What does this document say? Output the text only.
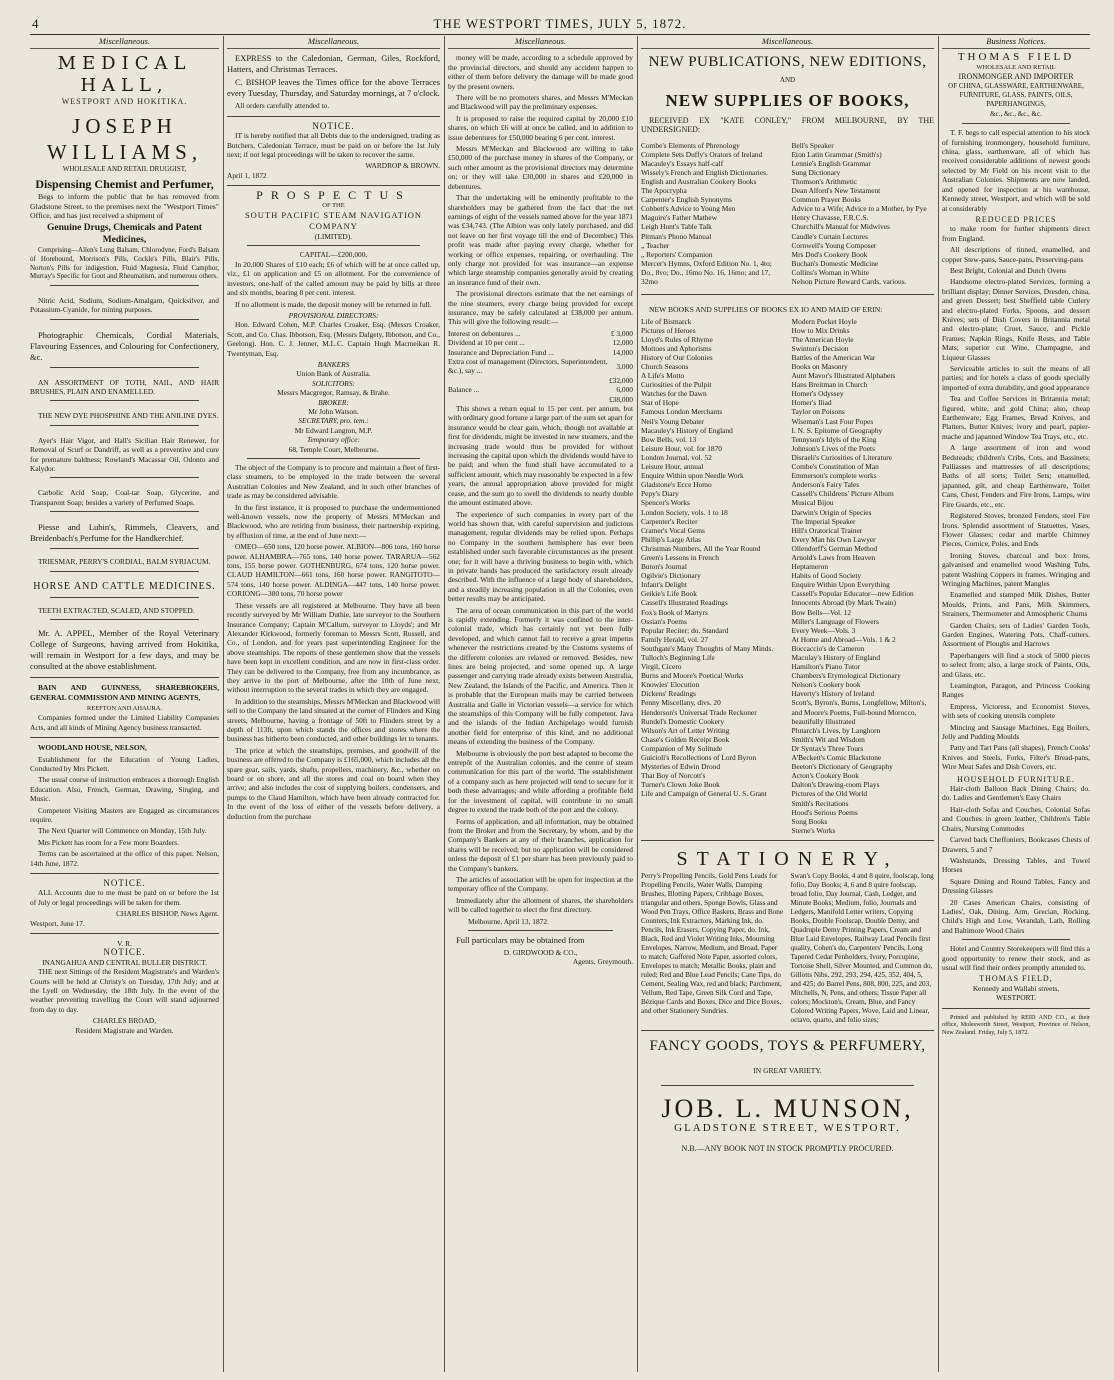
4	THE WESTPORT TIMES, JULY 5, 1872.
Miscellaneous.
MEDICAL HALL,
WESTPORT AND HOKITIKA.
JOSEPH WILLIAMS,
WHOLESALE AND RETAIL DRUGGIST,
Dispensing Chemist and Perfumer,

Begs to inform the public that he has removed from Gladstone Street, to the premises next the "Westport Times" Office, and has just received a shipment of

Genuine Drugs, Chemicals and Patent Medicines,

Comprising—Allen's Lung Balsam, Chlorodyne, Ford's Balsam of Horehound, Morrison's Pills, Cockle's Pills, Blair's Pills, Norton's Pills for indigestion, Fluid Magnesia, Fluid Camphor, Murray's Specific for Gout and Rheumatism, and numerous others.

Nitric Acid, Sodium, Sodium-Amalgam, Quicksilver, and Potassium-Cyanide, for mining purposes.

Photographic Chemicals, Cordial Materials, Flavouring Essences, and Colouring for Confectionery, &c.

AN ASSORTMENT OF TOTH, NAIL, AND HAIR BRUSHES, PLAIN AND ENAMELLED.

THE NEW DYE PHOSPHINE AND THE ANILINE DYES.

Ayer's Hair Vigor, and Hall's Sicilian Hair Renewer, for Removal of Scurf or Dandriff, as well as a preventive and cure for premature baldness; Rowland's Macassar Oil, Odonto and Kalydor.

Carbolic Acid Soap, Coal-tar Soap, Glycerine, and Transparent Soap; besides a variety of Perfumed Soaps.

Piesse and Lubin's, Rimmels, Cleavers, and Breidenbach's Perfume for the Handkerchief.

TRIESMAR, PERRY'S CORDIAL, BALM SYRIACUM.

HORSE AND CATTLE MEDICINES.

TEETH EXTRACTED, SCALED, AND STOPPED.

Mr. A. APPEL, Member of the Royal Veterinary College of Surgeons, having arrived from Hokitika, will remain in Westport for a few days, and may be consulted at the above establishment.

BAIN AND GUINNESS, SHAREBROKERS, GENERAL COMMISSION AND MINING AGENTS,

REEFTON AND AHAURA.

Companies formed under the Limited Liability Companies Acts, and all kinds of Mining Agency business transacted.

WOODLAND HOUSE, NELSON,

Establishment for the Education of Young Ladies, Conducted by Mrs Pickett.

The usual course of instruction embraces a thorough English Education. Also, French, German, Drawing, Singing, and Music.

Competent Visiting Masters are Engaged as circumstances require.

The Next Quarter will Commence on Monday, 15th July.

Mrs Pickett has room for a Few more Boarders.

Terms can be ascertained at the office of this paper. Nelson, 14th June, 1872.

NOTICE.

ALL Accounts due to me must be paid on or before the 1st of July or legal proceedings will be taken for them.

CHARLES BISHOP, News Agent.
Westport, June 17.
V. R.
NOTICE.
INANGAHUA AND CENTRAL BULLER DISTRICT.

THE next Sittings of the Resident Magistrate's and Warden's Courts will be held at Christy's on Tuesday, 17th July; and at the Lyell on Wednesday, the 18th July. In the event of the weather preventing travelling the Court will stand adjourned from day to day.

CHARLES BROAD,
Resident Magistrate and Warden.
Miscellaneous.

EXPRESS to the Caledonian, German, Giles, Rockford, Hatters, and Christmas Terraces.

C. BISHOP leaves the Times office for the above Terraces every Tuesday, Thursday, and Saturday mornings, at 7 o'clock.

All orders carefully attended to.

NOTICE.

IT is hereby notified that all Debts due to the undersigned, trading as Butchers, Caledonian Terrace, must be paid on or before the 1st July next; if not legal proceedings will be taken to recover the same.

WARDROP & BROWN.
April 1, 1872
PROSPECTUS
OF THE
SOUTH PACIFIC STEAM NAVIGATION COMPANY
(LIMITED).
CAPITAL—£200,000,

In 20,000 Shares of £10 each; £6 of which will be at once called up, viz., £1 on application and £5 on allotment. For the convenience of investors, one-half of the called amount may be paid by bills at three and six months, bearing 8 per cent. interest.

If no allotment is made, the deposit money will be returned in full.

PROVISIONAL DIRECTORS:

Hon. Edward Cohen, M.P. Charles Croaker, Esq. (Messrs Croaker, Scott, and Co. Chas. Ibbotson, Esq. (Messrs Dalgety, Ibbotson, and Co., Geelong). Hon. C. J. Jenner, M.L.C. Captain Hugh Macmeikan R. Twentyman, Esq.

BANKERS
Union Bank of Australia.
SOLICITORS:
Messrs Macgregor, Ramsay, & Brahe.
BROKER:
Mr John Watson.
SECRETARY, pro. tem.:
Mr Edward Langton, M.P.
Temporary office:
68, Temple Court, Melbourne.

The object of the Company is to procure and maintain a fleet of first-class steamers, to be employed in the trade between the several Australian Colonies and New Zealand, and in such other branches of trade as may be considered advisable.

In the first instance, it is proposed to purchase the undermentioned well-known vessels, now the property of Messrs M'Meckan and Blackwood, who are retiring from business, their partnership expiring, by effluxion of time, at the end of June next:—

OMEO—650 tons, 120 horse power. ALBION—806 tons, 160 horse power. ALHAMBRA—765 tons, 140 horse power. TARARUA—562 tons, 155 horse power. GOTHENBURG, 674 tons, 120 horse power. CLAUD HAMILTON—661 tons, 160 horse power. RANGITOTO—574 tons, 140 horse power. ALDINGA—447 tons, 140 horse power. CORIONG—380 tons, 70 horse power

These vessels are all registered at Melbourne. They have all been recently surveyed by Mr William Duthie, late surveyor to the Southern Insurance Company; Captain M'Callum, surveyor to Lloyds'; and Mr Alexander Kirkwood, formerly foreman to Messrs Scott, Russell, and Co., of London, and for years past superintending Engineer for the above steamships. The reports of these gentlemen show that the vessels have been kept in excellent condition, and are now in first-class order. They can be delivered to the Company, free from any incumbrance, as they arrive in the port of Melbourne, after the 10th of June next, without interruption to the several trades in which they are engaged.

In addition to the steamships, Messrs M'Meckan and Blackwood will sell to the Company the land situated at the corner of Flinders and King streets, Melbourne, having a frontage of 50ft to Flinders street by a depth of 113ft, upon which stands the offices and stores where the business has hitherto been conducted, and other buildings let to tenants.

The price at which the steamships, premises, and goodwill of the business are offered to the Company is £165,000, which includes all the spare gear, sails, yards, shafts, propellers, machinery, &c., whether on board or on shore, and all the stores and coal on board when they arrive; and also includes the cost of supplying boilers, condensers, and pumps to the Claud Hamilton, which have been already contracted for. In the event of the loss of either of the vessels before delivery, a deduction from the purchase

Miscellaneous.

money will be made, according to a schedule approved by the provincial directors, and should any accident happen to either of them before delivery the damage will be made good by the present owners.

There will be no promoters shares, and Messrs M'Meckan and Blackwood will pay the preliminary expenses.

It is proposed to raise the required capital by 20,000 £10 shares, on which £6 will at once be called, and in addition to issue debentures for £50,000 bearing 6 per cent. interest.

Messrs M'Meckan and Blackwood are willing to take £50,000 of the purchase money in shares of the Company, or such other amount as the provisional directors may determine on; or they will take £30,000 in shares and £20,000 in debentures.

That the undertaking will be eminently profitable to the shareholders may be gathered from the fact that the net earnings of eight of the vessels named above for the year 1871 was £34,743. (The Albion was only lately purchased, and did not leave on her first voyage till the end of December.) This profit was made after paying every charge, whether for working or office expenses, repairing, or overhauling. The only charge not provided for was insurance—an expense which large steamship companies generally avoid by creating an insurance fund of their own.

The provisional directors estimate that the net earnings of the nine steamers, every charge being provided for except insurance, may be safely calculated at £38,000 per annum. This will give the following result:—

Interest on debentures ...	£ 3,000
Dividend at 10 per cent ...	12,000
Insurance and Depreciation Fund ...	14,000
Extra cost of management (Directors, Superintendent, &c.), say ...	3,000
	£32,000
Balance ...	6,000
	£38,000

This shows a return equal to 15 per cent. per annum, but with ordinary good fortune a large part of the sum set apart for insurance would be clear gain, which, though not available at first for dividends, might be invested in new steamers, and the increasing trade would thus be provided for without increasing the capital upon which the dividends would have to be paid; and when the fund shall have accumulated to a sufficient amount, which may reasonably be expected in a few years, the annual appropriation above provided for might cease, and the sum go to swell the dividends to nearly double the amount estimated above.

The experience of such companies in every part of the world has shown that, with careful supervision and judicious management, regular dividends may be relied upon. Perhaps no Company in the southern hemisphere has ever been established under such favorable circumstances as the present one; for it will have a thriving business to begin with, which in private hands has produced the satisfactory result already described. With the influence of a large body of shareholders, and a steadily increasing population in all the Colonies, even better results may be anticipated.

The area of ocean communication in this part of the world is rapidly extending. Formerly it was confined to the inter-colonial trade, which has certainly not yet been fully developed, and which cannot fail to receive a great impetus whenever the restrictions created by the Customs systems of the different colonies are relaxed or removed. Besides, new lines are being projected, and some opened up. A large passenger and carrying trade already exists between Australia, New Zealand, the Islands of the Pacific, and America. Then it is probable that the European mails may be carried between Australia and Galle in Victorian vessels—a service for which the steamships of this Company will be fully competent. Java and the islands of the Indian Archipelago would furnish another field for enterprise of this kind, and no additional means of extending the business of the Company.

Melbourne is obviously the port best adapted to become the entrepôt of the Australian colonies, and the centre of steam communication for this part of the world. The establishment of a company such as here projected will tend to secure for it both these advantages; and while affording a profitable field for the investment of capital, will contribute in no small degree to extend the trade both of the port and the colony.

Forms of application, and all information, may be obtained from the Broker and from the Secretary, by whom, and by the Company's Bankers at any of their branches, application for shares will be received; but no application will be considered unless the deposit of £1 per share has been previously paid to the Company's bankers.

The articles of association will be open for inspection at the temporary office of the Company.

Immediately after the allotment of shares, the shareholders will be called together to elect the first directory.

Melbourne, April 13, 1872.

Full particulars may be obtained from

D. GIRDWOOD & CO.,
Agents, Greymouth.
Miscellaneous.
NEW PUBLICATIONS, NEW EDITIONS,
AND
NEW SUPPLIES OF BOOKS,

RECEIVED EX "KATE CONLEY," FROM MELBOURNE, BY THE UNDERSIGNED:

Combe's Elements of Phrenology
Complete Sets Duffy's Orators of Ireland
Macauley's Essays half-calf
Wissely's French and English Dictionaries.
English and Australian Cookery Books
The Apocrypha
Carpenter's English Synonyms
Cobbett's Advice to Young Men
Maguire's Father Mathew
Leigh Hunt's Table Talk
Pitman's Phono Manual
„ Teacher
„ Reporters' Companion
Mercer's Hymns, Oxford Edition No. 1, 4to; Do., 8vo; Do., 16mo No. 16, 16mo; and 17, 32mo
Bell's Speaker
Eton Latin Grammar (Smith's)
Lennie's English Grammar
Sung Dictionary
Thomson's Arithmetic
Dean Alford's New Testament
Common Prayer Books
Advice to a Wife; Advice to a Mother, by Pye Henry Chavasse, F.R.C.S.
Churchill's Manual for Midwives
Caudle's Curtain Lectures
Cornwell's Young Composer
Mrs Dod's Cookery Book
Buchan's Domestic Medicine
Collins's Woman in White
Nelson Picture Reward Cards, various.

NEW BOOKS AND SUPPLIES OF BOOKS EX IO AND MAID OF ERIN:

Life of Bismarck
Pictures of Heroes
Lloyd's Rules of Rhyme
Mottoes and Aphorisms
History of Our Colonies
Church Seasons
A Life's Motto
Curiosities of the Pulpit
Watches for the Dawn
Star of Hope
Famous London Merchants
Neil's Young Debater
Macauley's History of England
Bow Bells, vol. 13
Leisure Hour, vol. for 1870
London Journal, vol. 52
Leisure Hour, annual
Enquire Within upon Needle Work
Gladstone's Ecce Homo
Pepy's Diary
Spencer's Works
London Society, vols. 1 to 18
Carpenter's Reciter
Cramer's Vocal Gems
Phillip's Large Atlas
Christmas Numbers, All the Year Round
Green's Lessons in French
Buton's Journal
Ogilvie's Dictionary
Infant's Delight
Geikie's Life Book
Cassell's Illustrated Readings
Fox's Book of Martyrs
Ossian's Poems
Popular Reciter; do. Standard
Family Herald, vol. 27
Southgate's Many Thoughts of Many Minds.
Tulloch's Beginning Life
Virgil, Cicero
Burns and Moore's Poetical Works
Knowles' Elocution
Dickens' Readings
Penny Miscellany, divs. 20
Henderson's Universal Trade Reckoner
Rundel's Domestic Cookery
Wilson's Art of Letter Writing
Chase's Golden Receipt Book
Companion of My Solitude
Guicioli's Recollections of Lord Byron
Mysteries of Edwin Drood
That Boy of Norcott's
Turner's Clown Joke Book
Life and Campaign of General U. S. Grant
Modern Pocket Hoyle
How to Mix Drinks
The American Hoyle
Swinton's Decision
Battles of the American War
Books on Masonry
Aunt Mavor's Illustrated Alphabets
Hans Breitman in Church
Homer's Odyssey
Homer's Iliad
Taylor on Poisons
Wiseman's Last Four Popes
I. N. S. Epitome of Geography
Tennyson's Idyls of the King
Johnson's Lives of the Poets
Disraeli's Curiosities of Literature
Combe's Constitution of Man
Emmerson's complete works
Anderson's Fairy Tales
Cassell's Childrens' Picture Album
Musical Bijou
Darwin's Origin of Species
The Imperial Speaker
Hill's Oratorical Trainer
Every Man his Own Lawyer
Ollendorff's German Method
Arnold's Laws from Heaven
Heptameron
Habits of Good Society
Enquire Within Upon Everything
Cassell's Popular Educator—new Edition
Innocents Abroad (by Mark Twain)
Bow Bells—Vol. 12
Miller's Language of Flowers
Every Week—Vols. 3
At Home and Abroad—Vols. 1 & 2
Boccaccio's de Cameron
Maculay's History of England
Hamilton's Piano Tutor
Chambers's Etymological Dictionary
Nelson's Cookery book
Haverty's History of Ireland
Scott's, Byron's, Burns, Longfellow, Milton's, and Moore's Poems, Full-bound Morocco, beautifully Illustrated
Plutarch's Lives, by Langhorn
Smith's Wit and Wisdom
Dr Syntax's Three Tours
A'Beckett's Comic Blackstone
Beeton's Dictionary of Geography
Acton's Cookery Book
Dalton's Drawing-room Plays
Pictures of the Old World
Smith's Recitations
Hood's Serious Poems
Song Books
Sterne's Works
STATIONERY,
Perry's Propelling Pencils, Gold Pens Leads for Propelling Pencils, Water Walls, Damping Brushes, Blotting Papers, Cribbage Boxes, triangular and others, Sponge Bowls, Glass and Wood Pen Trays, Office Baskets, Brass and Bone Counters, Ink Extractors, Marking Ink, do. Pencils, Ink Erasers, Copying Paper, do. Ink, Black, Red and Violet Writing Inks, Mourning Envelopes, Narrow, Medium, and Broad, Paper to match; Gaffered Note Paper, assorted colors, Envelopes to match; Metallic Books, plain and ruled; Red and Blue Lead Pencils; Cane Tips, do Cement, Sealing Wax, red and black; Parchment, Vellum, Red Tape, Green Silk Cord and Tape, Bézique Cards and Boxes, Dice and Dice Boxes, and other Stationery Sundries.
Swan's Copy Books, 4 and 8 quire, foolscap, long folio, Day Books; 4, 6 and 8 quire foolscap, broad folio, Day Journal, Cash, Ledger, and Minute Books; Medium, folio, Journals and Ledgers, Manifold Letter writers, Copying Books, Double Foolscap, Double Demy, and Quadruple Demy Printing Papers, Cream and Blue Laid Envelopes, Railway Lead Pencils first quality, Cohen's do, Carpenters' Pencils, Long Tapered Cedar Penholders, Ivory, Porcupine, Tortoise Shell, Silver Mounted, and Common do, Gillotts Nibs, 292, 293, 294, 425, 352, 404, 5, and 425; do Barrel Pens, 808, 800, 225, and 203, Mitchells, N. Pens, and others; Tissue Paper all colors; Mockton's, Cream, Blue, and Fancy Colored Writing Papers, Wove, Laid and Linear, octavo, quarto, and folio sizes;
FANCY GOODS, TOYS & PERFUMERY,
IN GREAT VARIETY.
JOB. L. MUNSON,
GLADSTONE STREET, WESTPORT.
N.B.—ANY BOOK NOT IN STOCK PROMPTLY PROCURED.
Business Notices.
THOMAS FIELD
WHOLESALE AND RETAIL
IRONMONGER AND IMPORTER
OF CHINA, GLASSWARE, EARTHENWARE,
FURNITURE, GLASS, PAINTS, OILS, PAPERHANGINGS,
&c., &c., &c., &c.

T. F. begs to call especial attention to his stock of furnishing ironmongery, household furniture, china, glass, earthenware, all of which has received considerable additions of newest goods selected by Mr Field on his recent visit to the Australian Colonies. Shipments are now landed, and opened for inspection at his warehouse, Kennedy street, Westport, and which will be sold at considerably

REDUCED PRICES

to make room for further shipments direct from England.

All descriptions of tinned, enamelled, and copper Stew-pans, Sauce-pans, Preserving-pans

Best Bright, Colonial and Dutch Ovens

Handsome electro-plated Services, forming a brilliant display; Dinner Services, Dresden, china, and green Dessert; best Sheffield table Cutlery and electro-plated Forks, Spoons, and dessert Knives; sets of Dish Covers in Britannia metal and electro-plate; Cruet, Sauce, and Pickle Frames; Napkin Rings, Knife Rests, and Table Mats; superior cut Wine, Champagne, and Liqueur Glasses

Serviceable articles to suit the means of all parties; and for hotels a class of goods specially imported of extra durability, and good appearance

Tea and Coffee Services in Britannia metal; figured, white, and gold China; also, cheap Earthenware; Egg Frames, Bread Knives, and Platters, Butter Knives; ivory and pearl, papier-mache and japanned Window Tea Trays, etc., etc.

A large assortment of iron and wood Bedsteads; children's Cribs, Cots, and Bassinets; Palliasses and mattresses of all descriptions; Baths of all sorts; Toilet Sets; enamelled, japanned, gilt, and cheap Earthenware, Toilet Cans, Chest, Fenders and Fire Irons, Lamps, wire Fire Guards, etc., etc.

Registered Stoves, bronzed Fenders, steel Fire Irons. Splendid assortment of Statuettes, Vases, Flower Glasses; cedar and marble Chimney Pieces, Cornice, Poles, and Ends

Ironing Stoves, charcoal and box Irons, galvanised and enamelled wood Washing Tubs, patent Washing Coppers in frames. Wringing and Wringing Machines, patent Mangles

Enamelled and stamped Milk Dishes, Butter Moulds, Prints, and Pans, Milk Skimmers, Strainers, Thermometer and Atmospheric Churns

Garden Chairs, sets of Ladies' Garden Tools, Garden Engines, Watering Pots, Chaff-cutters. Assortment of Ploughs and Harrows

Paperhangers will find a stock of 5000 pieces to select from; also, a large stock of Paints, Oils, and Glass, etc.

Leamington, Paragon, and Princess Cooking Ranges

Empress, Victoress, and Economist Stoves, with sets of cooking utensils complete

Mincing and Sausage Machines, Egg Boilers, Jelly and Pudding Moulds

Patty and Tart Pans (all shapes), French Cooks' Knives and Steels, Forks, Filter's Bread-pans, Wire Meat Safes and Dish Covers, etc.

HOUSEHOLD FURNITURE.

Hair-cloth Balloon Back Dining Chairs; do. do. Ladies and Gentlemen's Easy Chairs

Hair-cloth Sofas and Couches, Colonial Sofas and Couches in green leather, Children's Table Chairs, Nursing Commodes

Carved back Cheffoniers, Bookcases Chests of Drawers, 5 and 7

Washstands, Dressing Tables, and Towel Horses

Square Dining and Round Tables, Fancy and Dressing Glasses

20 Cases American Chairs, consisting of Ladies', Oak, Dining, Arm, Grecian, Rocking, Child's High and Low, Verandah, Lath, Rolling and Baltimore Wood Chairs

Hotel and Country Storekeepers will find this a good opportunity to renew their stock, and as usual will find their orders promptly attended to.

THOMAS FIELD,
Kennedy and Wallabi streets,
WESTPORT.

Printed and published by REID AND CO., at their office, Molesworth Street, Westport, Province of Nelson, New Zealand. Friday, July 5, 1872.
